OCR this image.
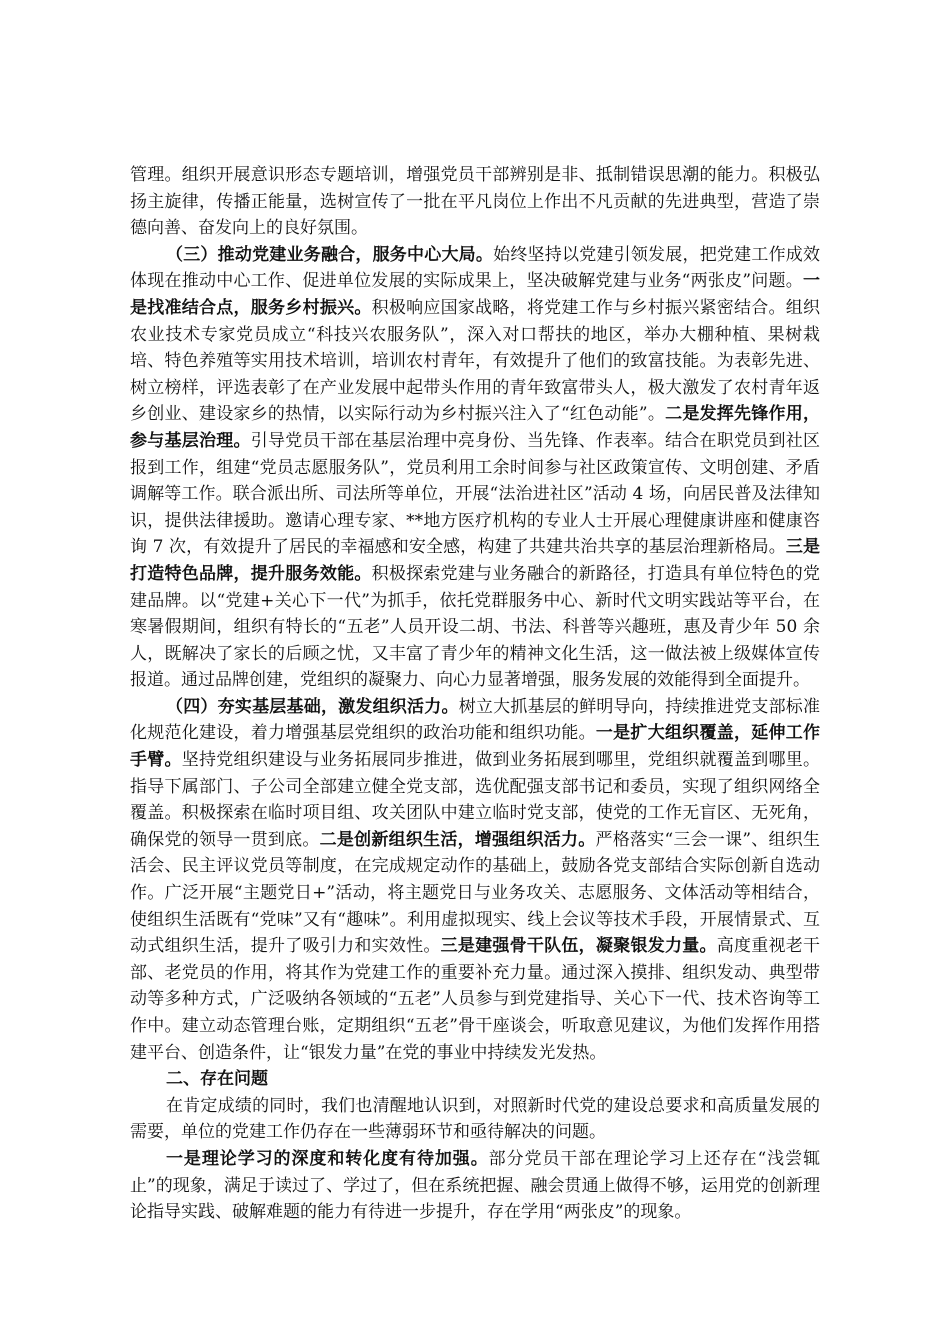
管理。组织开展意识形态专题培训，增强党员干部辨别是非、抵制错误思潮的能力。积极弘扬主旋律，传播正能量，选树宣传了一批在平凡岗位上作出不凡贡献的先进典型，营造了崇德向善、奋发向上的良好氛围。

（三）推动党建业务融合，服务中心大局。始终坚持以党建引领发展，把党建工作成效体现在推动中心工作、促进单位发展的实际成果上，坚决破解党建与业务“两张皮”问题。一是找准结合点，服务乡村振兴。积极响应国家战略，将党建工作与乡村振兴紧密结合。组织农业技术专家党员成立“科技兴农服务队”，深入对口帮扶的地区，举办大棚种植、果树栽培、特色养殖等实用技术培训，培训农村青年，有效提升了他们的致富技能。为表彰先进、树立榜样，评选表彰了在产业发展中起带头作用的青年致富带头人，极大激发了农村青年返乡创业、建设家乡的热情，以实际行动为乡村振兴注入了“红色动能”。二是发挥先锋作用，参与基层治理。引导党员干部在基层治理中亮身份、当先锋、作表率。结合在职党员到社区报到工作，组建“党员志愿服务队”，党员利用工余时间参与社区政策宣传、文明创建、矛盾调解等工作。联合派出所、司法所等单位，开展“法治进社区”活动 4 场，向居民普及法律知识，提供法律援助。邀请心理专家、**地方医疗机构的专业人士开展心理健康讲座和健康咨询 7 次，有效提升了居民的幸福感和安全感，构建了共建共治共享的基层治理新格局。三是打造特色品牌，提升服务效能。积极探索党建与业务融合的新路径，打造具有单位特色的党建品牌。以“党建+关心下一代”为抓手，依托党群服务中心、新时代文明实践站等平台，在寒暑假期间，组织有特长的“五老”人员开设二胡、书法、科普等兴趣班，惠及青少年 50 余人，既解决了家长的后顾之忧，又丰富了青少年的精神文化生活，这一做法被上级媒体宣传报道。通过品牌创建，党组织的凝聚力、向心力显著增强，服务发展的效能得到全面提升。

（四）夯实基层基础，激发组织活力。树立大抓基层的鲜明导向，持续推进党支部标准化规范化建设，着力增强基层党组织的政治功能和组织功能。一是扩大组织覆盖，延伸工作手臂。坚持党组织建设与业务拓展同步推进，做到业务拓展到哪里，党组织就覆盖到哪里。指导下属部门、子公司全部建立健全党支部，选优配强支部书记和委员，实现了组织网络全覆盖。积极探索在临时项目组、攻关团队中建立临时党支部，使党的工作无盲区、无死角，确保党的领导一贯到底。二是创新组织生活，增强组织活力。严格落实“三会一课”、组织生活会、民主评议党员等制度，在完成规定动作的基础上，鼓励各党支部结合实际创新自选动作。广泛开展“主题党日+”活动，将主题党日与业务攻关、志愿服务、文体活动等相结合，使组织生活既有“党味”又有“趣味”。利用虚拟现实、线上会议等技术手段，开展情景式、互动式组织生活，提升了吸引力和实效性。三是建强骨干队伍，凝聚银发力量。高度重视老干部、老党员的作用，将其作为党建工作的重要补充力量。通过深入摸排、组织发动、典型带动等多种方式，广泛吸纳各领域的“五老”人员参与到党建指导、关心下一代、技术咨询等工作中。建立动态管理台账，定期组织“五老”骨干座谈会，听取意见建议，为他们发挥作用搭建平台、创造条件，让“银发力量”在党的事业中持续发光发热。

二、存在问题

在肯定成绩的同时，我们也清醒地认识到，对照新时代党的建设总要求和高质量发展的需要，单位的党建工作仍存在一些薄弱环节和亟待解决的问题。

一是理论学习的深度和转化度有待加强。部分党员干部在理论学习上还存在“浅尝辄止”的现象，满足于读过了、学过了，但在系统把握、融会贯通上做得不够，运用党的创新理论指导实践、破解难题的能力有待进一步提升，存在学用“两张皮”的现象。
